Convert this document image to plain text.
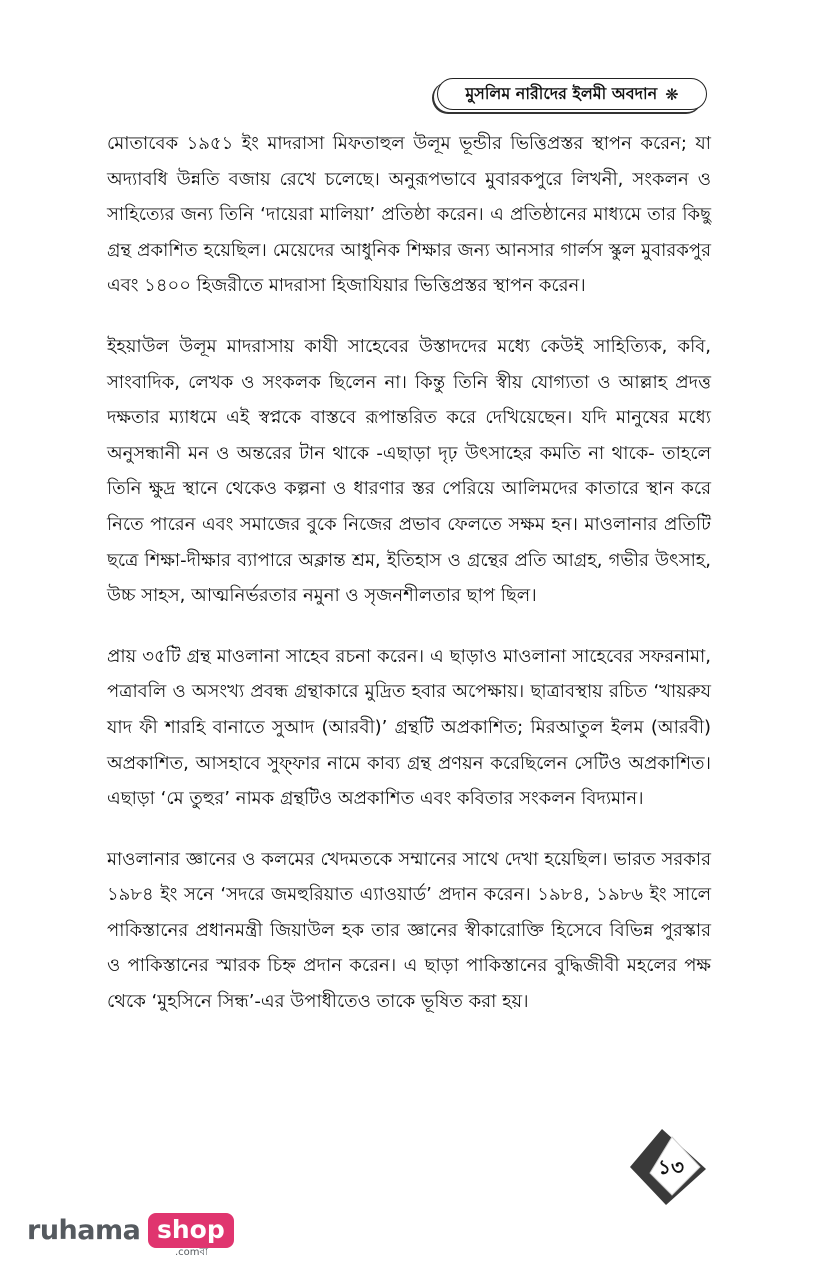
মুসলিম নারীদের ইলমী অবদান ❋

মোতাবেক ১৯৫১ ইং মাদরাসা মিফতাহুল উলূম ভূন্ডীর ভিত্তিপ্রস্তর স্থাপন করেন; যা অদ্যাবধি উন্নতি বজায় রেখে চলেছে। অনুরূপভাবে মুবারকপুরে লিখনী, সংকলন ও সাহিত্যের জন্য তিনি ‘দায়েরা মালিয়া’ প্রতিষ্ঠা করেন। এ প্রতিষ্ঠানের মাধ্যমে তার কিছু গ্রন্থ প্রকাশিত হয়েছিল। মেয়েদের আধুনিক শিক্ষার জন্য আনসার গার্লস স্কুল মুবারকপুর এবং ১৪০০ হিজরীতে মাদরাসা হিজাযিয়ার ভিত্তিপ্রস্তর স্থাপন করেন।

ইহয়াউল উলূম মাদরাসায় কাযী সাহেবের উস্তাদদের মধ্যে কেউই সাহিত্যিক, কবি, সাংবাদিক, লেখক ও সংকলক ছিলেন না। কিন্তু তিনি স্বীয় যোগ্যতা ও আল্লাহ প্রদত্ত দক্ষতার ম্যাধমে এই স্বপ্নকে বাস্তবে রূপান্তরিত করে দেখিয়েছেন। যদি মানুষের মধ্যে অনুসন্ধানী মন ও অন্তরের টান থাকে -এছাড়া দৃঢ় উৎসাহের কমতি না থাকে- তাহলে তিনি ক্ষুদ্র স্থানে থেকেও কল্পনা ও ধারণার স্তর পেরিয়ে আলিমদের কাতারে স্থান করে নিতে পারেন এবং সমাজের বুকে নিজের প্রভাব ফেলতে সক্ষম হন। মাওলানার প্রতিটি ছত্রে শিক্ষা-দীক্ষার ব্যাপারে অক্লান্ত শ্রম, ইতিহাস ও গ্রন্থের প্রতি আগ্রহ, গভীর উৎসাহ, উচ্চ সাহস, আত্মনির্ভরতার নমুনা ও সৃজনশীলতার ছাপ ছিল।

প্রায় ৩৫টি গ্রন্থ মাওলানা সাহেব রচনা করেন। এ ছাড়াও মাওলানা সাহেবের সফরনামা, পত্রাবলি ও অসংখ্য প্রবন্ধ গ্রন্থাকারে মুদ্রিত হবার অপেক্ষায়। ছাত্রাবস্থায় রচিত ‘খায়রুয যাদ ফী শারহি বানাতে সুআদ (আরবী)’ গ্রন্থটি অপ্রকাশিত; মিরআতুল ইলম (আরবী) অপ্রকাশিত, আসহাবে সুফ্ফার নামে কাব্য গ্রন্থ প্রণয়ন করেছিলেন সেটিও অপ্রকাশিত। এছাড়া ‘মে তুহুর’ নামক গ্রন্থটিও অপ্রকাশিত এবং কবিতার সংকলন বিদ্যমান।

মাওলানার জ্ঞানের ও কলমের খেদমতকে সম্মানের সাথে দেখা হয়েছিল। ভারত সরকার ১৯৮৪ ইং সনে ‘সদরে জমহুরিয়াত এ্যাওয়ার্ড’ প্রদান করেন। ১৯৮৪, ১৯৮৬ ইং সালে পাকিস্তানের প্রধানমন্ত্রী জিয়াউল হক তার জ্ঞানের স্বীকারোক্তি হিসেবে বিভিন্ন পুরস্কার ও পাকিস্তানের স্মারক চিহ্ন প্রদান করেন। এ ছাড়া পাকিস্তানের বুদ্ধিজীবী মহলের পক্ষ থেকে ‘মুহসিনে সিন্ধ’-এর উপাধীতেও তাকে ভূষিত করা হয়।

১৩
ruhama shop
.comবা
